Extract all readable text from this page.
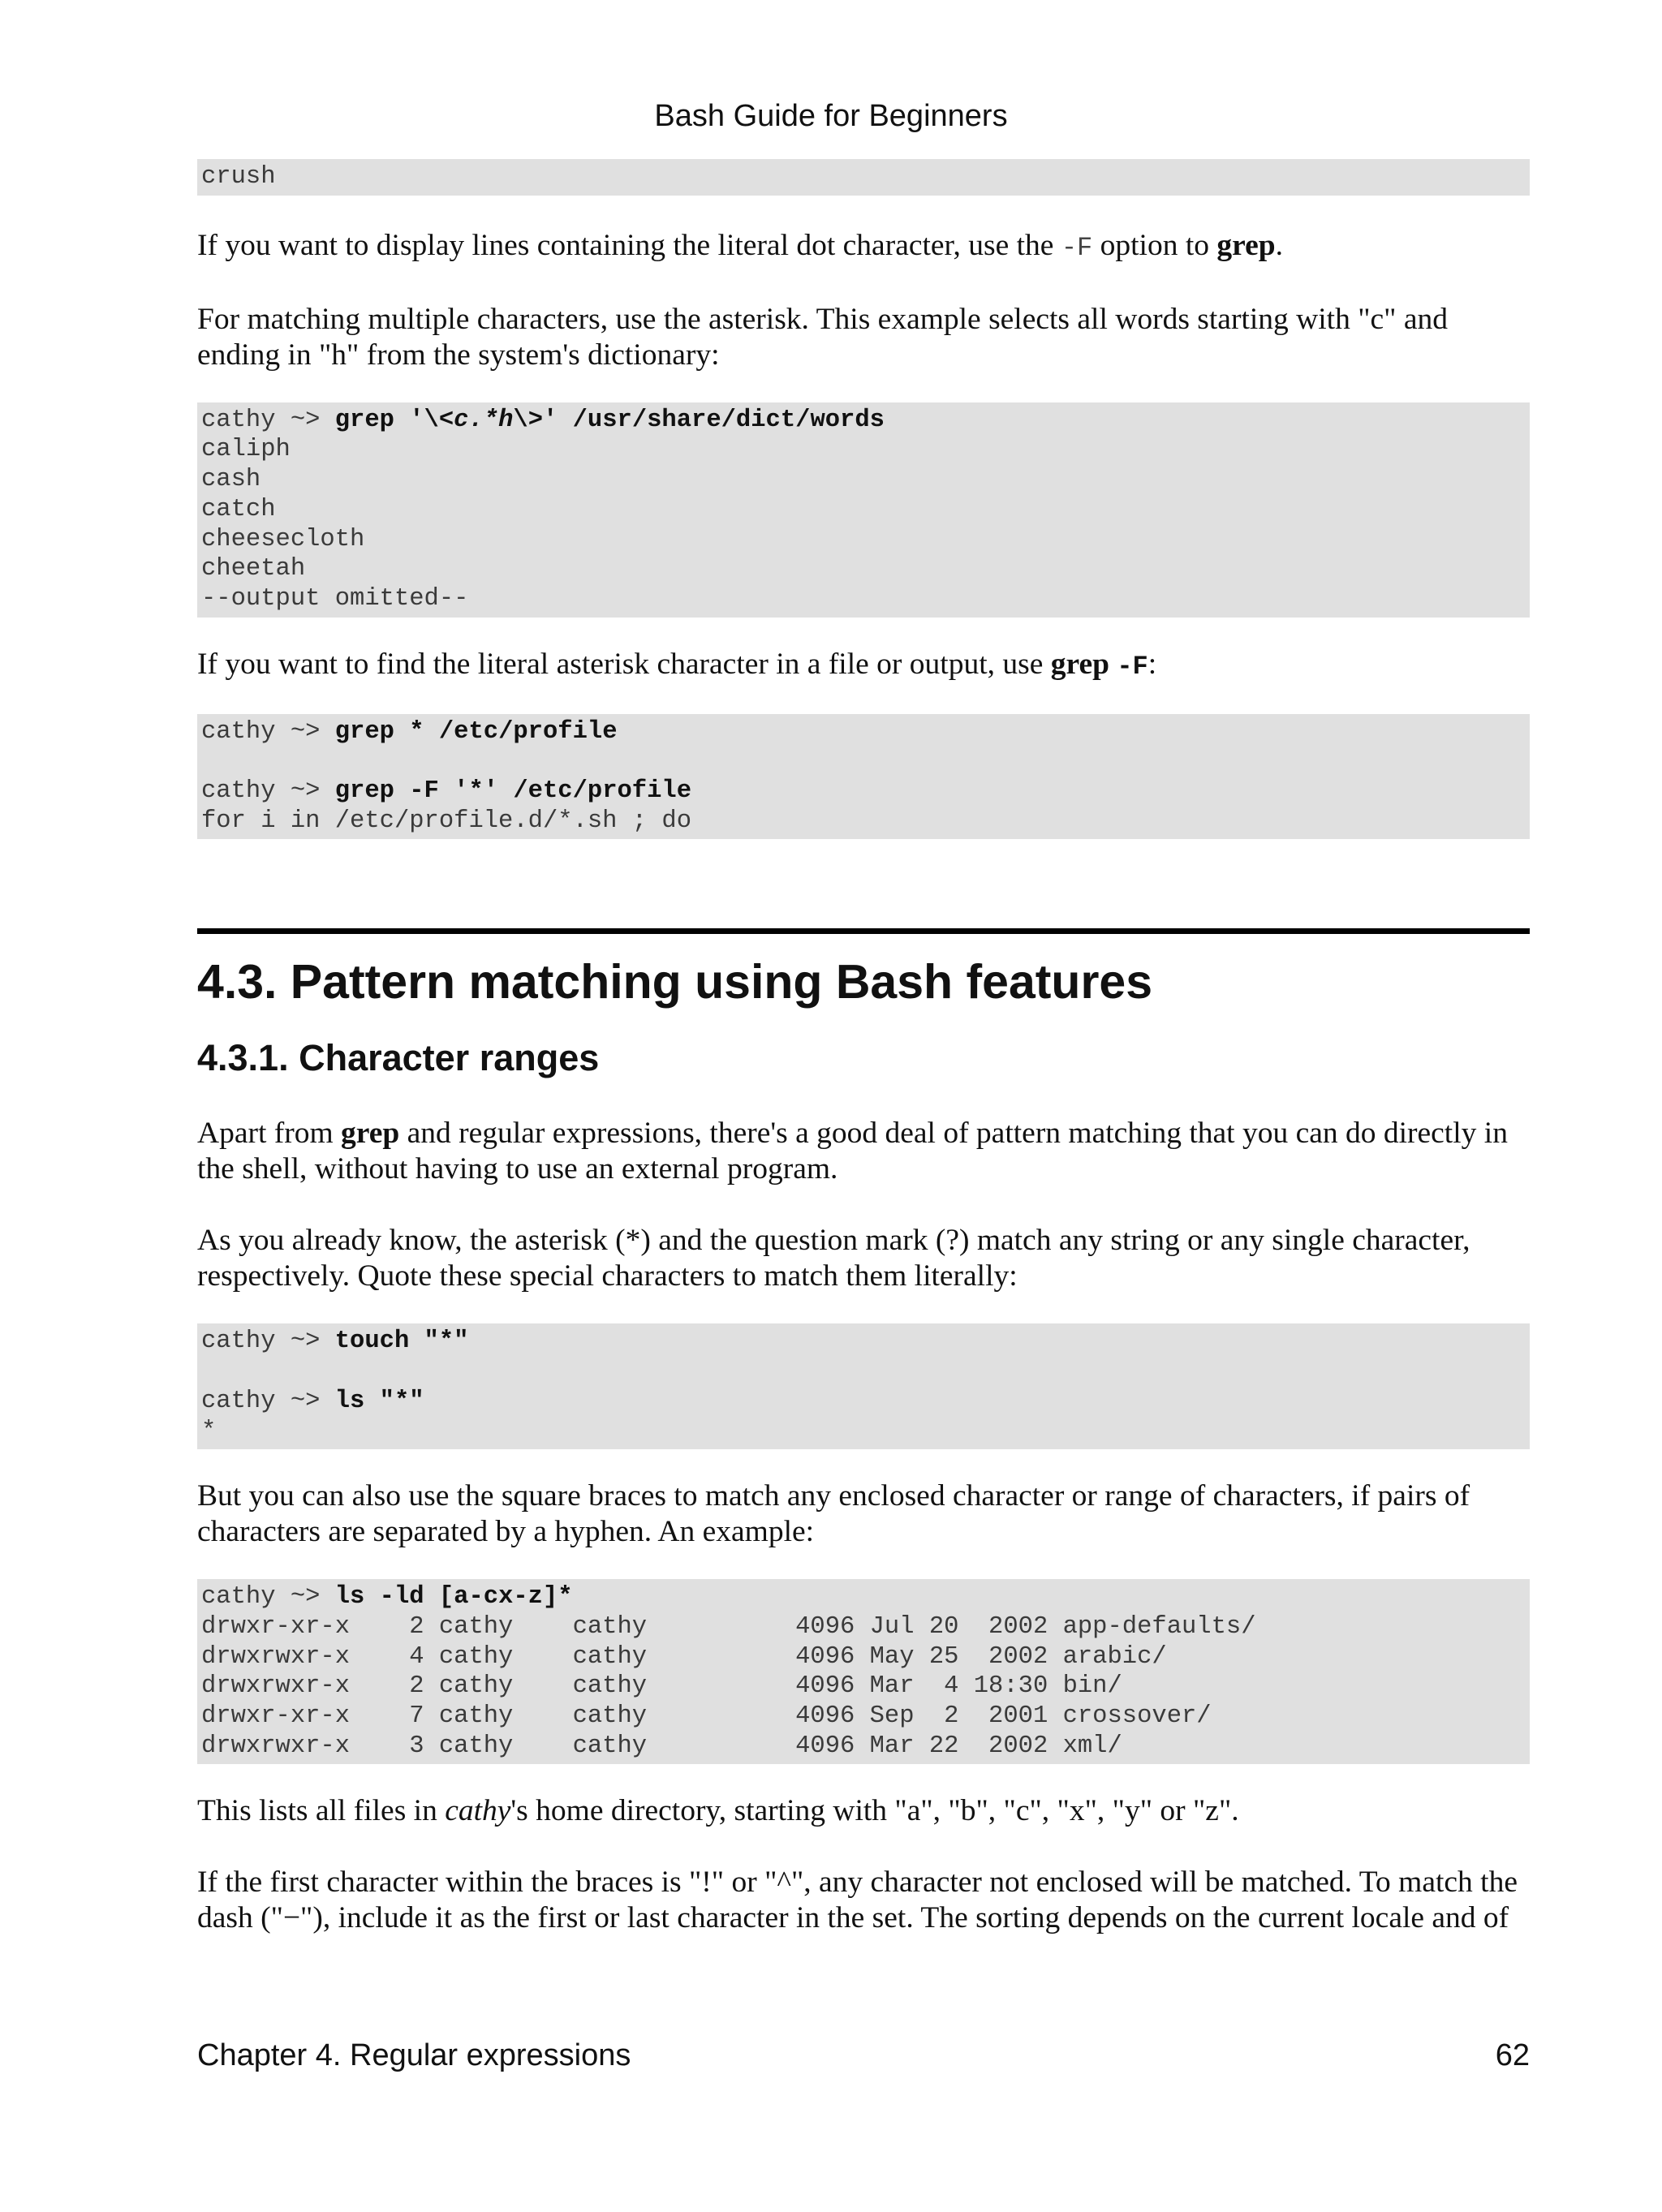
Bash Guide for Beginners
crush

If you want to display lines containing the literal dot character, use the -F option to grep.

For matching multiple characters, use the asterisk. This example selects all words starting with "c" and ending in "h" from the system's dictionary:

cathy ~> grep '\<c.*h\>' /usr/share/dict/words
caliph
cash
catch
cheesecloth
cheetah
--output omitted--

If you want to find the literal asterisk character in a file or output, use grep -F:

cathy ~> grep * /etc/profile

cathy ~> grep -F '*' /etc/profile
for i in /etc/profile.d/*.sh ; do
4.3. Pattern matching using Bash features
4.3.1. Character ranges

Apart from grep and regular expressions, there's a good deal of pattern matching that you can do directly in the shell, without having to use an external program.

As you already know, the asterisk (*) and the question mark (?) match any string or any single character, respectively. Quote these special characters to match them literally:

cathy ~> touch "*"

cathy ~> ls "*"
*

But you can also use the square braces to match any enclosed character or range of characters, if pairs of characters are separated by a hyphen. An example:

cathy ~> ls -ld [a-cx-z]*
drwxr-xr-x    2 cathy    cathy          4096 Jul 20  2002 app-defaults/
drwxrwxr-x    4 cathy    cathy          4096 May 25  2002 arabic/
drwxrwxr-x    2 cathy    cathy          4096 Mar  4 18:30 bin/
drwxr-xr-x    7 cathy    cathy          4096 Sep  2  2001 crossover/
drwxrwxr-x    3 cathy    cathy          4096 Mar 22  2002 xml/

This lists all files in cathy's home directory, starting with "a", "b", "c", "x", "y" or "z".

If the first character within the braces is "!" or "^", any character not enclosed will be matched. To match the dash ("−"), include it as the first or last character in the set. The sorting depends on the current locale and of

Chapter 4. Regular expressions	62
